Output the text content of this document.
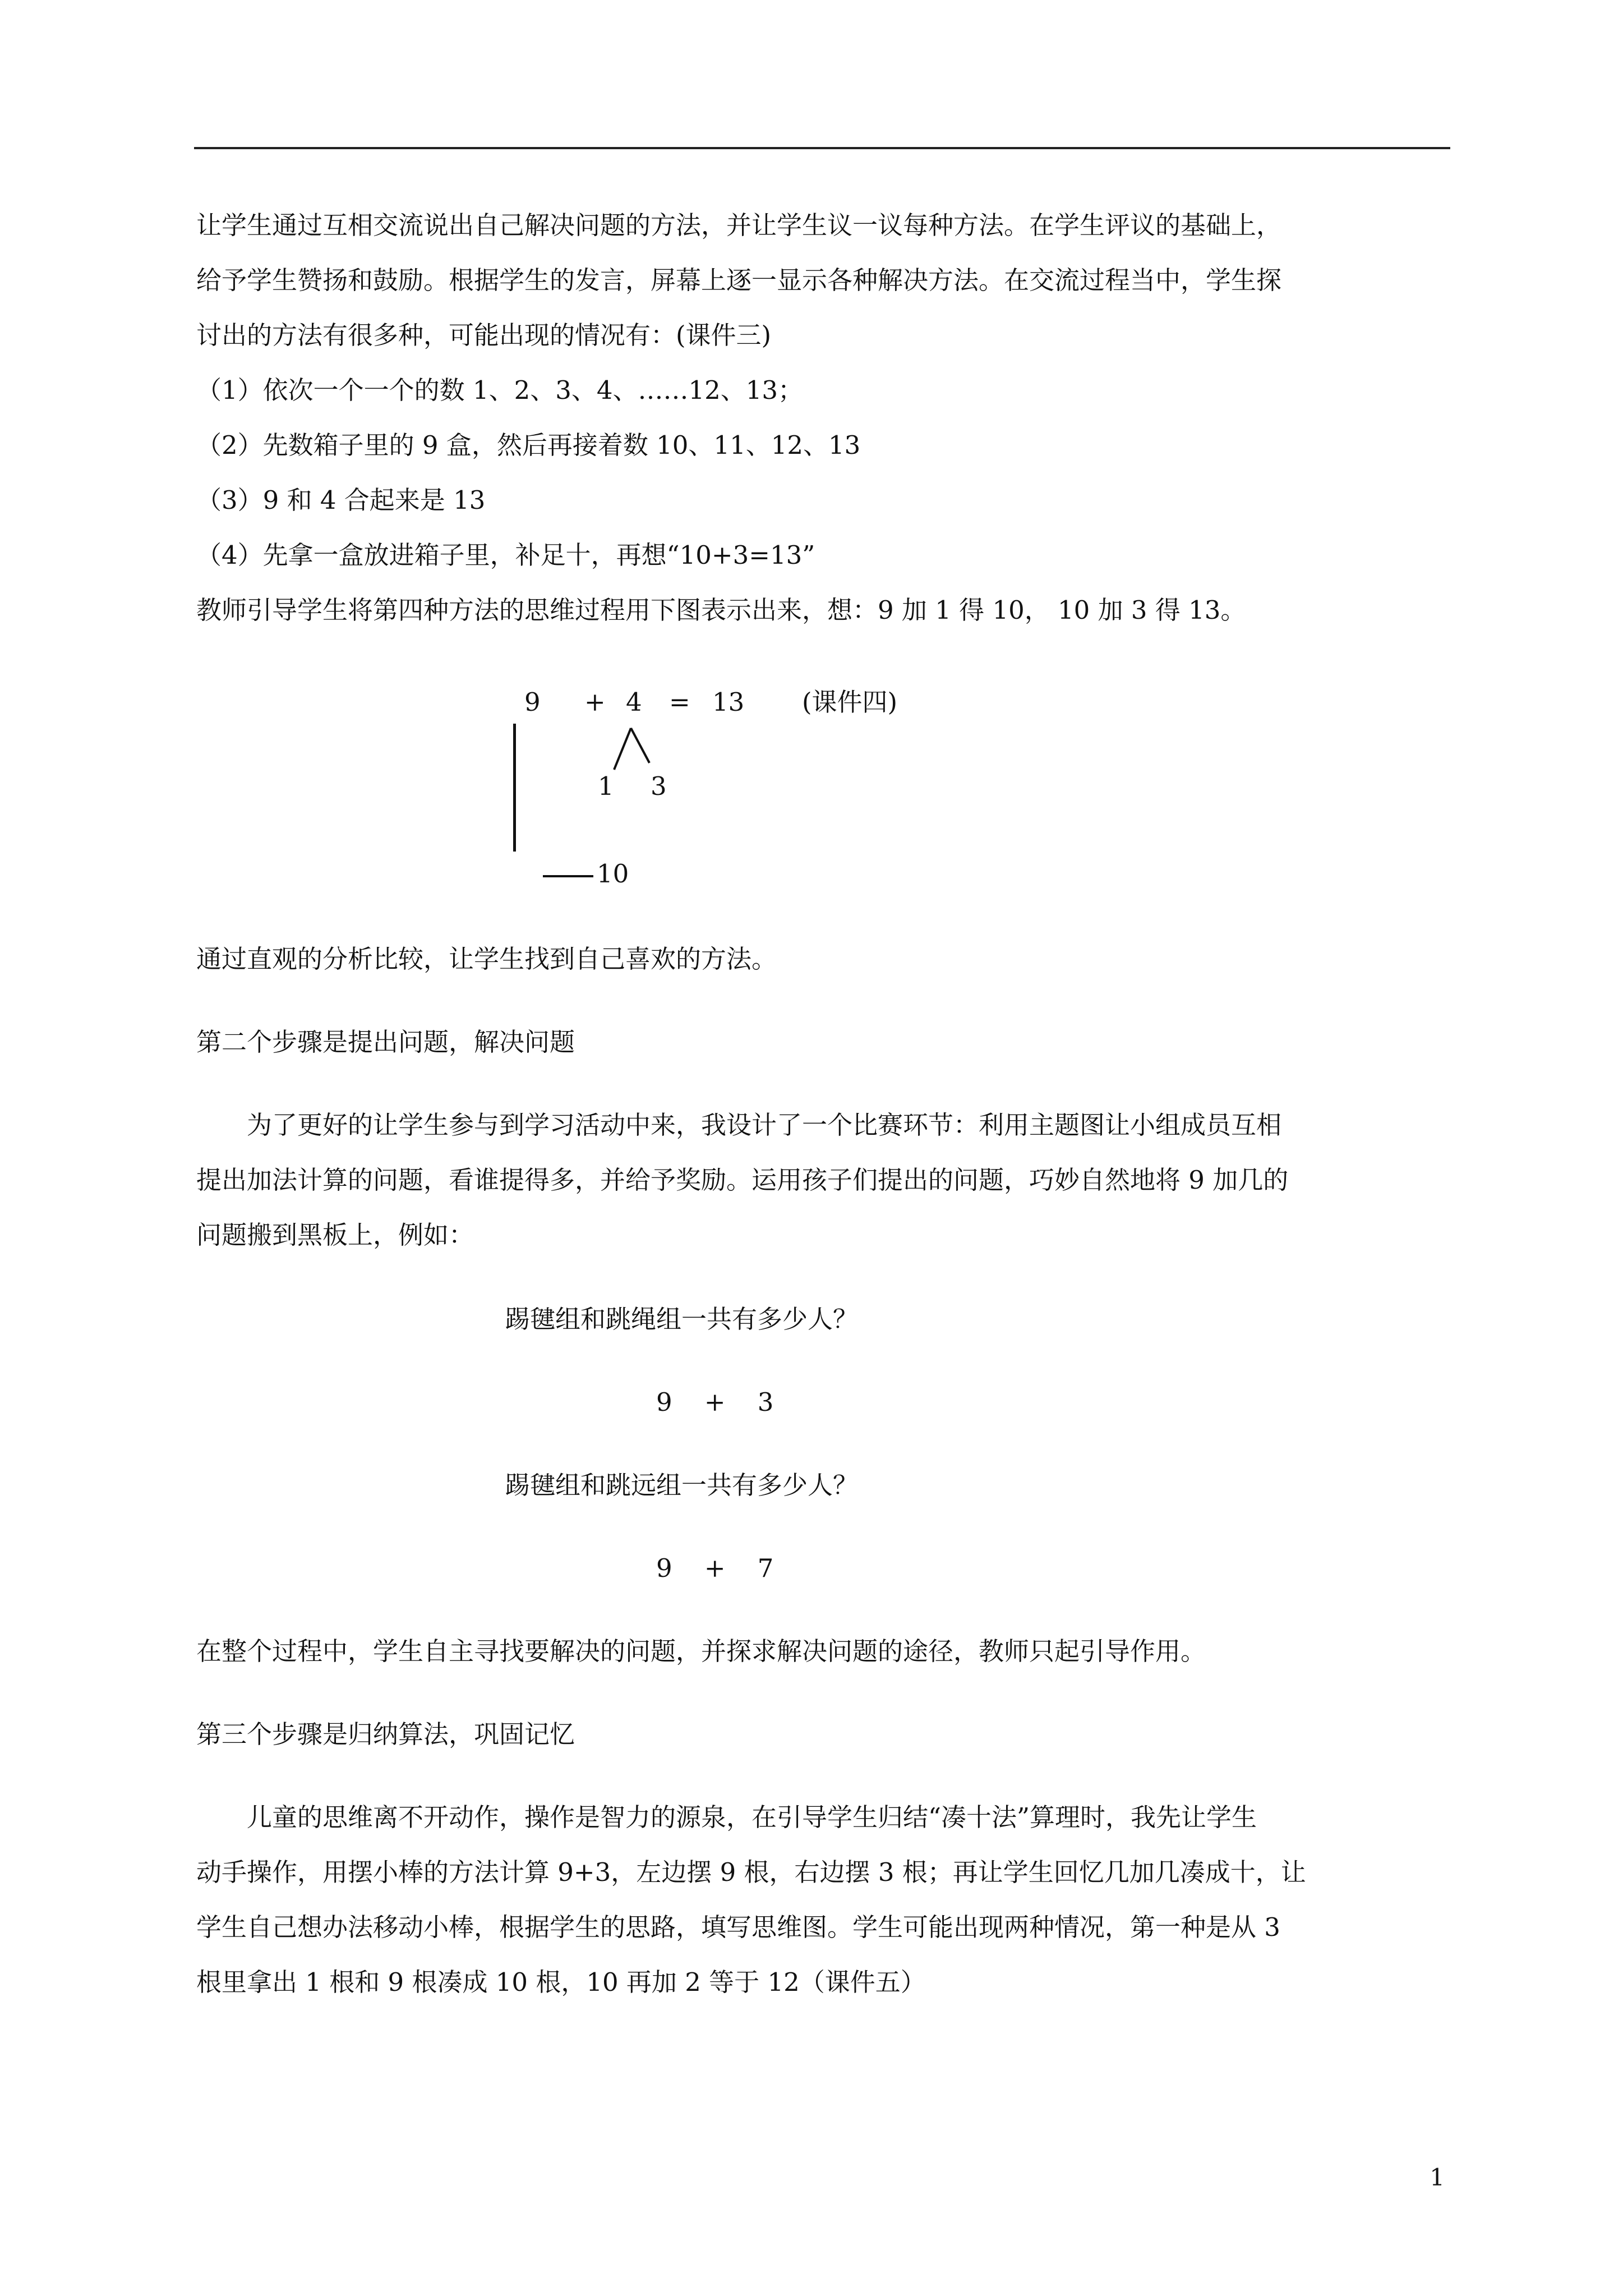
让学生通过互相交流说出自己解决问题的方法，并让学生议一议每种方法。在学生评议的基础上，
给予学生赞扬和鼓励。根据学生的发言，屏幕上逐一显示各种解决方法。在交流过程当中，学生探
讨出的方法有很多种，可能出现的情况有：(课件三)
（1）依次一个一个的数 1、2、3、4、……12、13；
（2）先数箱子里的 9 盒，然后再接着数 10、11、12、13
（3）9 和 4 合起来是 13
（4）先拿一盒放进箱子里，补足十，再想“10+3=13”
教师引导学生将第四种方法的思维过程用下图表示出来，想：9 加 1 得 10， 10 加 3 得 13。
9 + 4 = 13 (课件四)
1 3
10
通过直观的分析比较，让学生找到自己喜欢的方法。
第二个步骤是提出问题，解决问题
为了更好的让学生参与到学习活动中来，我设计了一个比赛环节：利用主题图让小组成员互相
提出加法计算的问题，看谁提得多，并给予奖励。运用孩子们提出的问题，巧妙自然地将 9 加几的
问题搬到黑板上，例如：
踢毽组和跳绳组一共有多少人？
9    +    3
踢毽组和跳远组一共有多少人？
9    +    7
在整个过程中，学生自主寻找要解决的问题，并探求解决问题的途径，教师只起引导作用。
第三个步骤是归纳算法，巩固记忆
儿童的思维离不开动作，操作是智力的源泉，在引导学生归结“凑十法”算理时，我先让学生
动手操作，用摆小棒的方法计算 9+3，左边摆 9 根，右边摆 3 根；再让学生回忆几加几凑成十，让
学生自己想办法移动小棒，根据学生的思路，填写思维图。学生可能出现两种情况，第一种是从 3
根里拿出 1 根和 9 根凑成 10 根，10 再加 2 等于 12（课件五）
1
